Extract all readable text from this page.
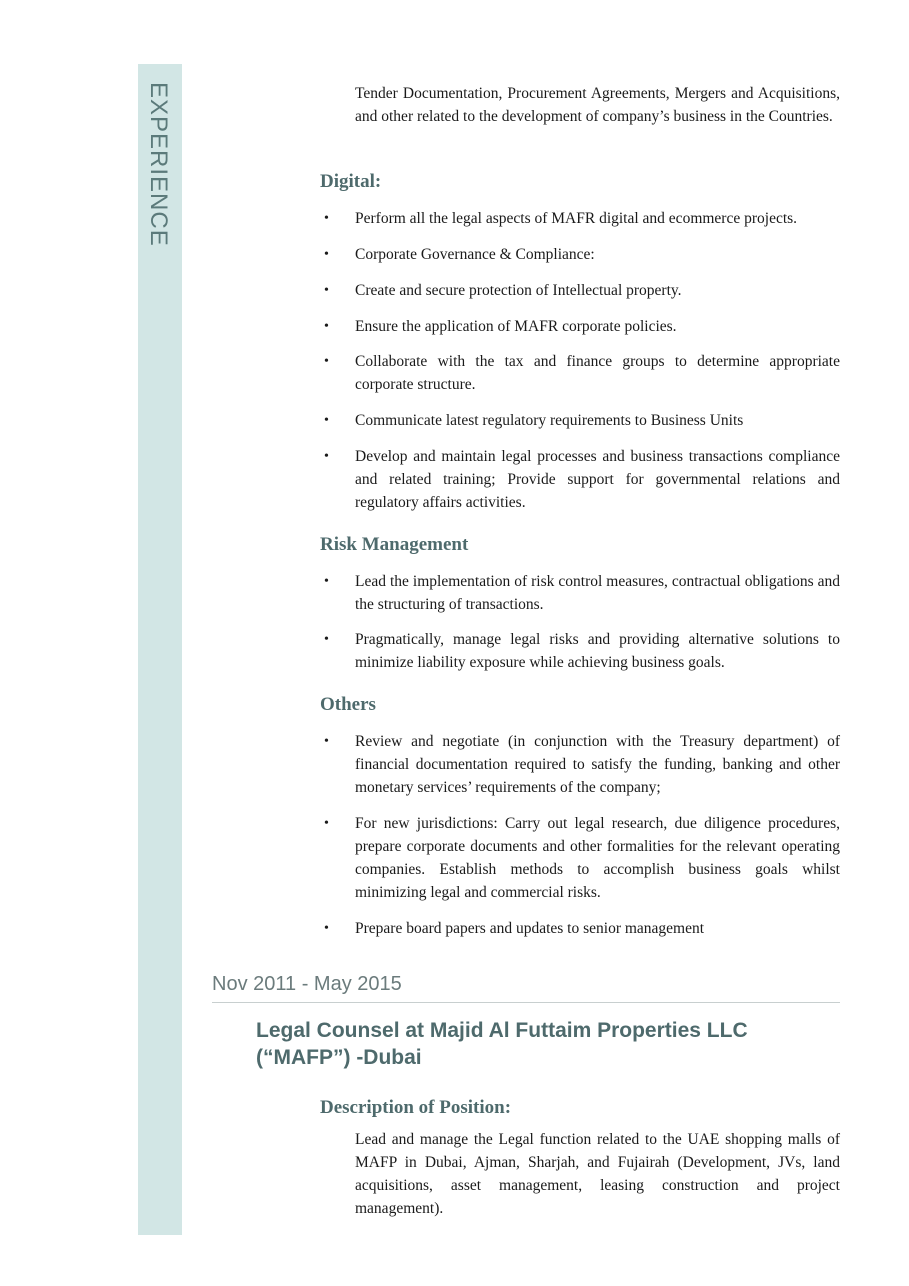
EXPERIENCE	Tender Documentation, Procurement Agreements, Mergers and Acquisitions, and other related to the development of company’s business in the Countries.

Digital:

• Perform all the legal aspects of MAFR digital and ecommerce projects.

• Corporate Governance & Compliance:

• Create and secure protection of Intellectual property.

• Ensure the application of MAFR corporate policies.

• Collaborate with the tax and finance groups to determine appropriate corporate structure.

• Communicate latest regulatory requirements to Business Units

• Develop and maintain legal processes and business transactions compliance and related training; Provide support for governmental relations and regulatory affairs activities.

Risk Management

• Lead the implementation of risk control measures, contractual obligations and the structuring of transactions.

• Pragmatically, manage legal risks and providing alternative solutions to minimize liability exposure while achieving business goals.

Others

• Review and negotiate (in conjunction with the Treasury department) of financial documentation required to satisfy the funding, banking and other monetary services’ requirements of the company;

• For new jurisdictions: Carry out legal research, due diligence procedures, prepare corporate documents and other formalities for the relevant operating companies. Establish methods to accomplish business goals whilst minimizing legal and commercial risks.

• Prepare board papers and updates to senior management

Nov 2011 - May 2015

Legal Counsel at Majid Al Futtaim Properties LLC
(“MAFP”) -Dubai
Description of Position:

Lead and manage the Legal function related to the UAE shopping malls of MAFP in Dubai, Ajman, Sharjah, and Fujairah (Development, JVs, land acquisitions, asset management, leasing construction and project management).
